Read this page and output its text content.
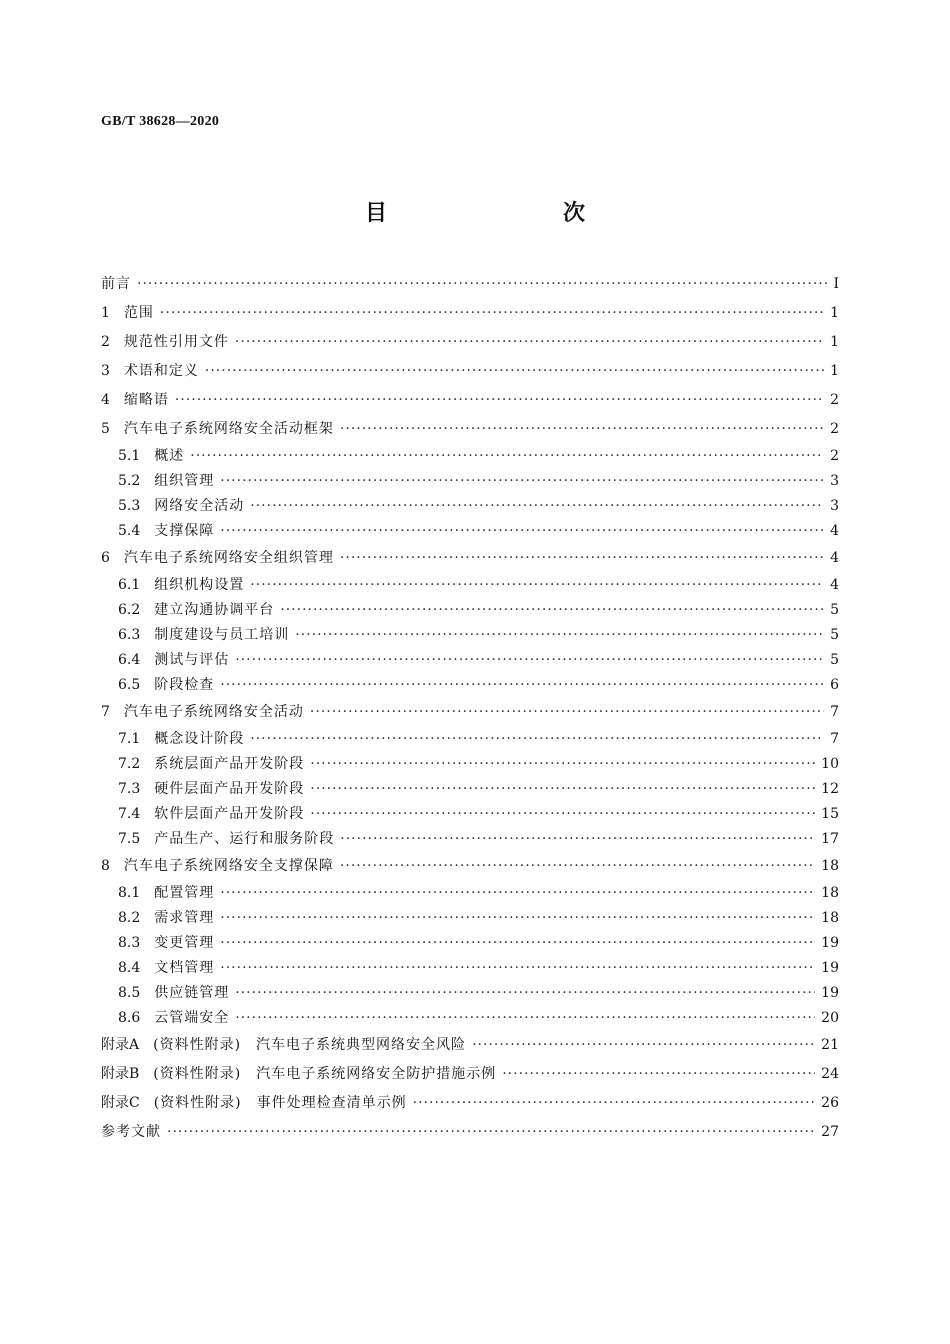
GB/T 38628—2020
目　　次
前言 ·····	Ⅰ
1 范围 ·····	1
2 规范性引用文件 ·····	1
3 术语和定义 ·····	1
4 缩略语 ·····	2
5 汽车电子系统网络安全活动框架 ·····	2
5.1 概述 ·····	2
5.2 组织管理 ·····	3
5.3 网络安全活动 ·····	3
5.4 支撑保障 ·····	4
6 汽车电子系统网络安全组织管理 ·····	4
6.1 组织机构设置 ·····	4
6.2 建立沟通协调平台 ·····	5
6.3 制度建设与员工培训 ·····	5
6.4 测试与评估 ·····	5
6.5 阶段检查 ·····	6
7 汽车电子系统网络安全活动 ·····	7
7.1 概念设计阶段 ·····	7
7.2 系统层面产品开发阶段 ·····	10
7.3 硬件层面产品开发阶段 ·····	12
7.4 软件层面产品开发阶段 ·····	15
7.5 产品生产、运行和服务阶段 ·····	17
8 汽车电子系统网络安全支撑保障 ·····	18
8.1 配置管理 ·····	18
8.2 需求管理 ·····	18
8.3 变更管理 ·····	19
8.4 文档管理 ·····	19
8.5 供应链管理 ·····	19
8.6 云管端安全 ·····	20
附录A (资料性附录)　汽车电子系统典型网络安全风险 ·····	21
附录B (资料性附录)　汽车电子系统网络安全防护措施示例 ·····	24
附录C (资料性附录)　事件处理检查清单示例 ·····	26
参考文献 ·····	27
